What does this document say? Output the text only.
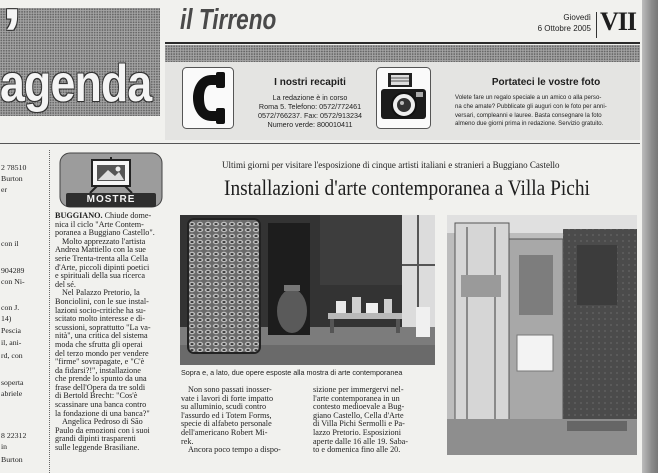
’
agenda
il Tirreno	Giovedì
6 Ottobre 2005 VII
I nostri recapiti
La redazione è in corso
Roma 5. Telefono: 0572/772461
0572/766237. Fax: 0572/913234
Numero verde: 800010411
Portateci le vostre foto
Volete fare un regalo speciale a un amico o alla perso-
na che amate? Pubblicate gli auguri con le foto per anni-
versari, compleanni e lauree. Basta consegnare la foto
almeno due giorni prima in redazione. Servizio gratuito.
2 78510
Burton
er
con il
904289
con Ni-
con J.
14)
Pescia
il, ani-
rd, con
soperta
abriele
8 22312
in
Burton
MOSTRE
Ultimi giorni per visitare l'esposizione di cinque artisti italiani e stranieri a Buggiano Castello
Installazioni d'arte contemporanea a Villa Pichi
BUGGIANO. Chiude dome-
nica il ciclo "Arte Contem-
poranea a Buggiano Castello".
Molto apprezzato l'artista
Andrea Mattiello con la sue
serie Trenta-trenta alla Cella
d'Arte, piccoli dipinti poetici
e spirituali della sua ricerca
del sé.
Nel Palazzo Pretorio, la
Bonciolini, con le sue instal-
lazioni socio-critiche ha su-
scitato molto interesse e di-
scussioni, soprattutto "La va-
nità", una critica del sistema
moda che sfrutta gli operai
del terzo mondo per vendere
"firme" sovrapagate, e "C'è
da fidarsi?!", installazione
che prende lo spunto da una
frase dell'Opera da tre soldi
di Bertold Brecht: "Cos'è
scassinare una banca contro
la fondazione di una banca?"
Angelica Pedroso di São
Paulo da emozioni con i suoi
grandi dipinti trasparenti
sulle leggende Brasiliane.
Sopra e, a lato, due opere esposte alla mostra di arte contemporanea
Non sono passati inosser-
vate i lavori di forte impatto
su alluminio, scudi contro
l'assurdo ed i Totem Forms,
specie di alfabeto personale
dell'americano Robert Mi-
rek.
Ancora poco tempo a dispo-
sizione per immergervi nel-
l'arte contemporanea in un
contesto medioevale a Bug-
giano Castello, Cella d'Arte
di Villa Pichi Sermolli e Pa-
lazzo Pretorio. Esposizioni
aperte dalle 16 alle 19. Saba-
to e domenica fino alle 20.
